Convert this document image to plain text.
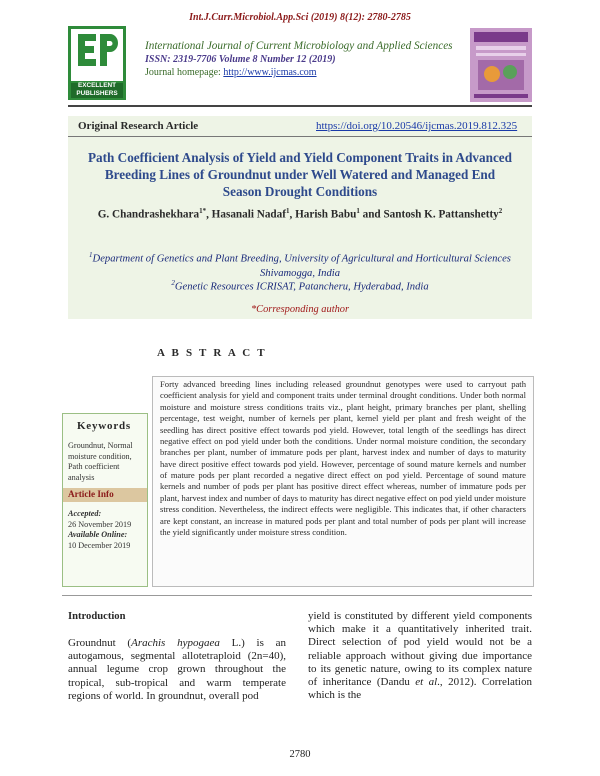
Int.J.Curr.Microbiol.App.Sci (2019) 8(12): 2780-2785
EXCELLENT
PUBLISHERS
International Journal of Current Microbiology and Applied Sciences
ISSN: 2319-7706 Volume 8 Number 12 (2019)
Journal homepage: http://www.ijcmas.com
Original Research Article	https://doi.org/10.20546/ijcmas.2019.812.325
Path Coefficient Analysis of Yield and Yield Component Traits in Advanced Breeding Lines of Groundnut under Well Watered and Managed End Season Drought Conditions
G. Chandrashekhara$^{1*}$, Hasanali Nadaf$^1$, Harish Babu$^1$ and Santosh K. Pattanshetty$^2$
$^1$Department of Genetics and Plant Breeding, University of Agricultural and Horticultural Sciences Shivamogga, India
$^2$Genetic Resources ICRISAT, Patancheru, Hyderabad, India
*Corresponding author
A B S T R A C T
Keywords
Groundnut, Normal moisture condition, Path coefficient analysis
Article Info
Accepted:
26 November 2019
Available Online:
10 December 2019
Forty advanced breeding lines including released groundnut genotypes were used to carryout path coefficient analysis for yield and component traits under terminal drought conditions. Under both normal moisture and moisture stress conditions traits viz., plant height, primary branches per plant, shelling percentage, test weight, number of kernels per plant, kernel yield per plant and fresh weight of the seedling has direct positive effect towards pod yield. However, total length of the seedlings has direct negative effect on pod yield under both the conditions. Under normal moisture condition, the secondary branches per plant, number of immature pods per plant, harvest index and number of days to maturity have direct positive effect towards pod yield. However, percentage of sound mature kernels and number of mature pods per plant recorded a negative direct effect on pod yield. Percentage of sound mature kernels and number of pods per plant has positive direct effect whereas, number of immature pods per plant, harvest index and number of days to maturity has direct negative effect on pod yield under moisture stress condition. Nevertheless, the indirect effects were negligible. This indicates that, if other characters are kept constant, an increase in matured pods per plant and total number of pods per plant will increase the yield significantly under moisture stress condition.
Introduction
Groundnut (Arachis hypogaea L.) is an autogamous, segmental allotetraploid (2n=40), annual legume crop grown throughout the tropical, sub-tropical and warm temperate regions of world. In groundnut, overall pod
yield is constituted by different yield components which make it a quantitatively inherited trait. Direct selection of pod yield would not be a reliable approach without giving due importance to its genetic nature, owing to its complex nature of inheritance (Dandu et al., 2012). Correlation which is the
2780
